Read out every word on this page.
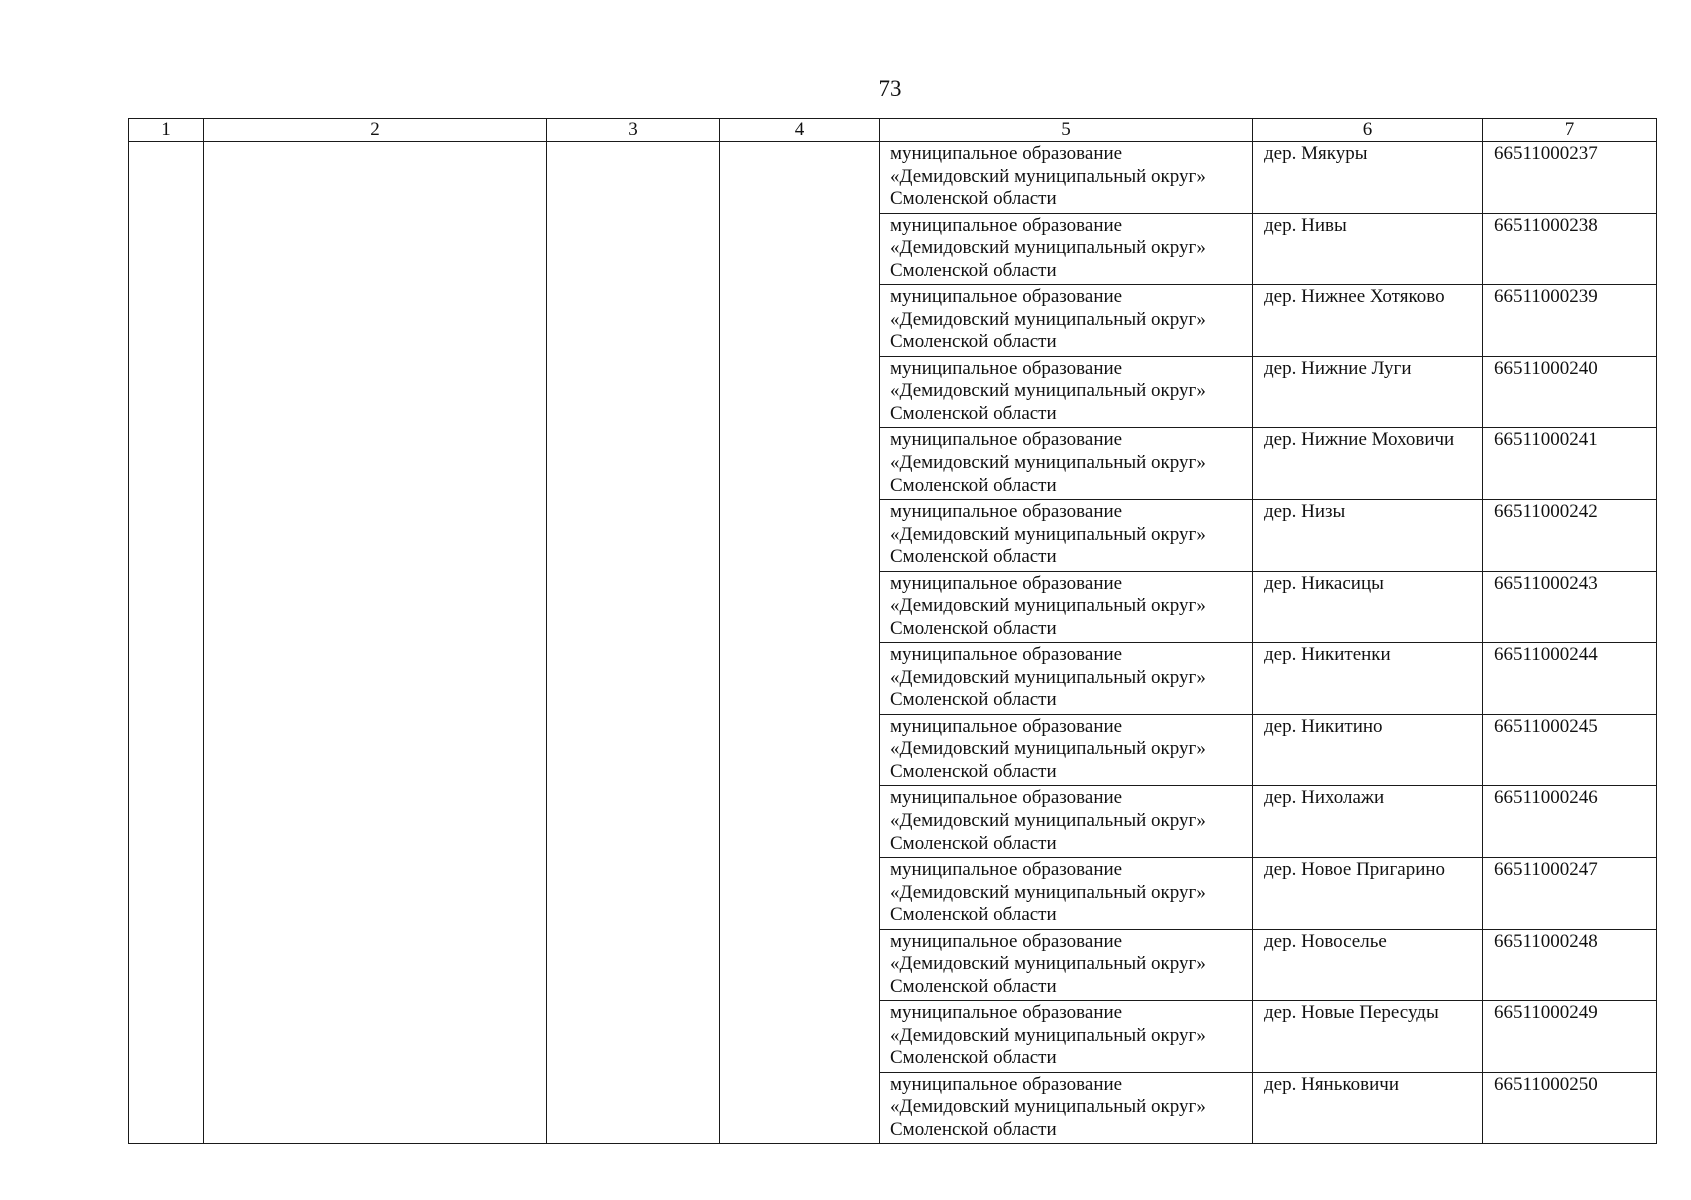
73
1	2	3	4	5	6	7

				муниципальное образование
«Демидовский муниципальный округ»
Смоленской области	дер. Мякуры	66511000237

				муниципальное образование
«Демидовский муниципальный округ»
Смоленской области	дер. Нивы	66511000238

				муниципальное образование
«Демидовский муниципальный округ»
Смоленской области	дер. Нижнее Хотяково	66511000239

				муниципальное образование
«Демидовский муниципальный округ»
Смоленской области	дер. Нижние Луги	66511000240

				муниципальное образование
«Демидовский муниципальный округ»
Смоленской области	дер. Нижние Моховичи	66511000241

				муниципальное образование
«Демидовский муниципальный округ»
Смоленской области	дер. Низы	66511000242

				муниципальное образование
«Демидовский муниципальный округ»
Смоленской области	дер. Никасицы	66511000243

				муниципальное образование
«Демидовский муниципальный округ»
Смоленской области	дер. Никитенки	66511000244

				муниципальное образование
«Демидовский муниципальный округ»
Смоленской области	дер. Никитино	66511000245

				муниципальное образование
«Демидовский муниципальный округ»
Смоленской области	дер. Нихолажи	66511000246

				муниципальное образование
«Демидовский муниципальный округ»
Смоленской области	дер. Новое Пригарино	66511000247

				муниципальное образование
«Демидовский муниципальный округ»
Смоленской области	дер. Новоселье	66511000248

				муниципальное образование
«Демидовский муниципальный округ»
Смоленской области	дер. Новые Пересуды	66511000249

				муниципальное образование
«Демидовский муниципальный округ»
Смоленской области	дер. Няньковичи	66511000250
